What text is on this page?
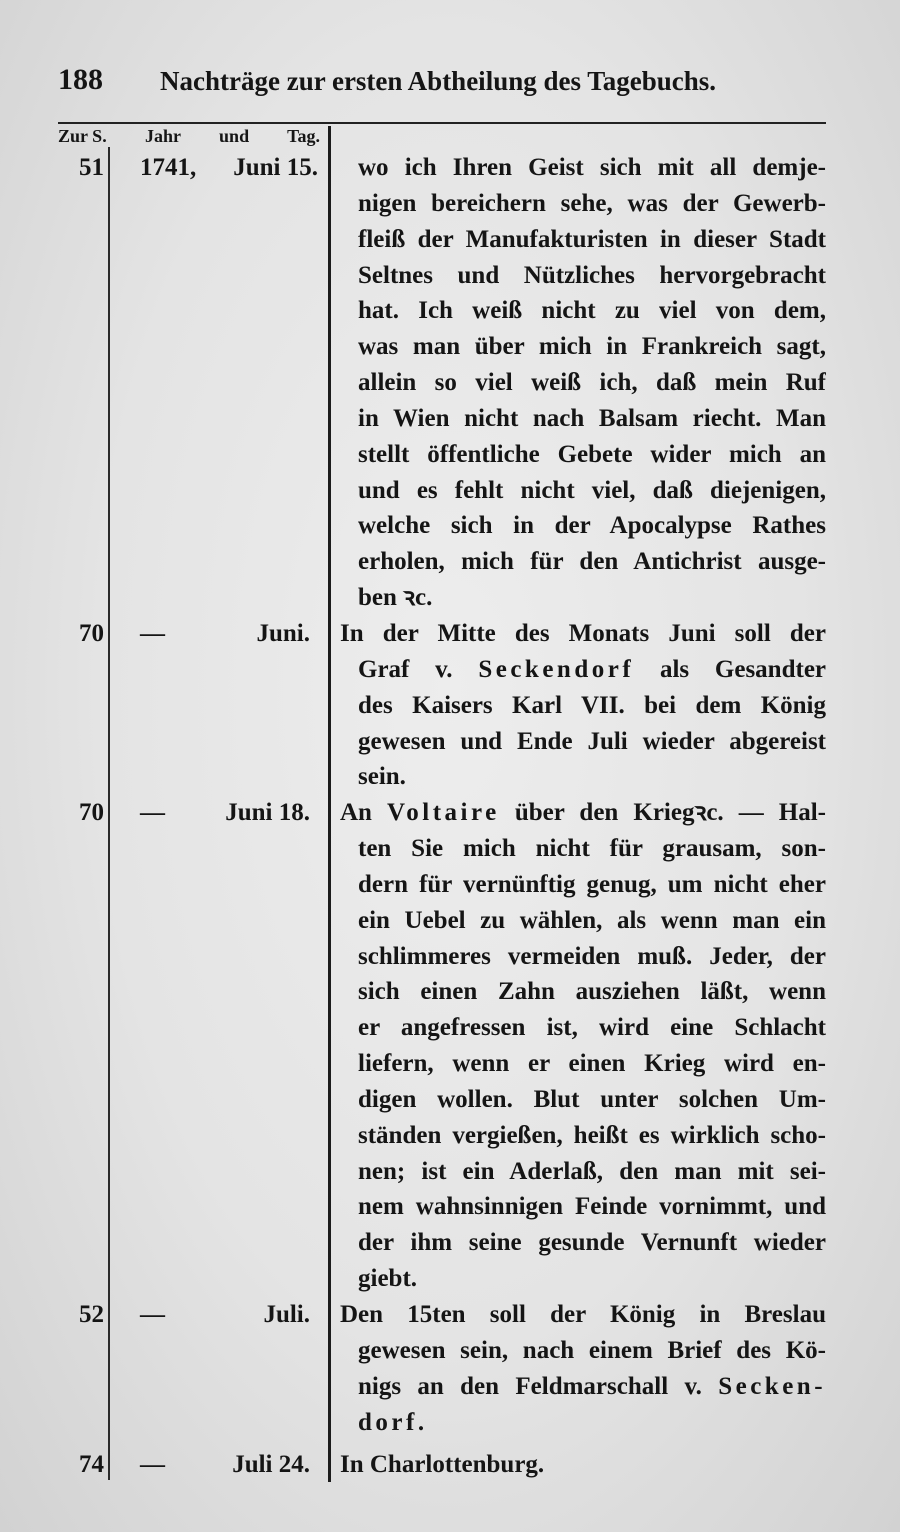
188 Nachträge zur ersten Abtheilung des Tagebuchs.
Zur S. Jahr und Tag.
51 1741, Juni 15.	wo ich Ihren Geist sich mit all demje-
nigen bereichern sehe, was der Gewerb-
fleiß der Manufakturisten in dieser Stadt
Seltnes und Nützliches hervorgebracht
hat. Ich weiß nicht zu viel von dem,
was man über mich in Frankreich sagt,
allein so viel weiß ich, daß mein Ruf
in Wien nicht nach Balsam riecht. Man
stellt öffentliche Gebete wider mich an
und es fehlt nicht viel, daß diejenigen,
welche sich in der Apocalypse Rathes
erholen, mich für den Antichrist ausge-
ben ꝛc.
70 —	Juni.	In der Mitte des Monats Juni soll der
Graf v. Seckendorf als Gesandter
des Kaisers Karl VII. bei dem König
gewesen und Ende Juli wieder abgereist
sein.
70 — Juni 18.	An Voltaire über den Kriegꝛc. — Hal-
ten Sie mich nicht für grausam, son-
dern für vernünftig genug, um nicht eher
ein Uebel zu wählen, als wenn man ein
schlimmeres vermeiden muß. Jeder, der
sich einen Zahn ausziehen läßt, wenn
er angefressen ist, wird eine Schlacht
liefern, wenn er einen Krieg wird en-
digen wollen. Blut unter solchen Um-
ständen vergießen, heißt es wirklich scho-
nen; ist ein Aderlaß, den man mit sei-
nem wahnsinnigen Feinde vornimmt, und
der ihm seine gesunde Vernunft wieder
giebt.
52 —	Juli.	Den 15ten soll der König in Breslau
gewesen sein, nach einem Brief des Kö-
nigs an den Feldmarschall v. Secken-
dorf.
74 —	Juli 24.	In Charlottenburg.
